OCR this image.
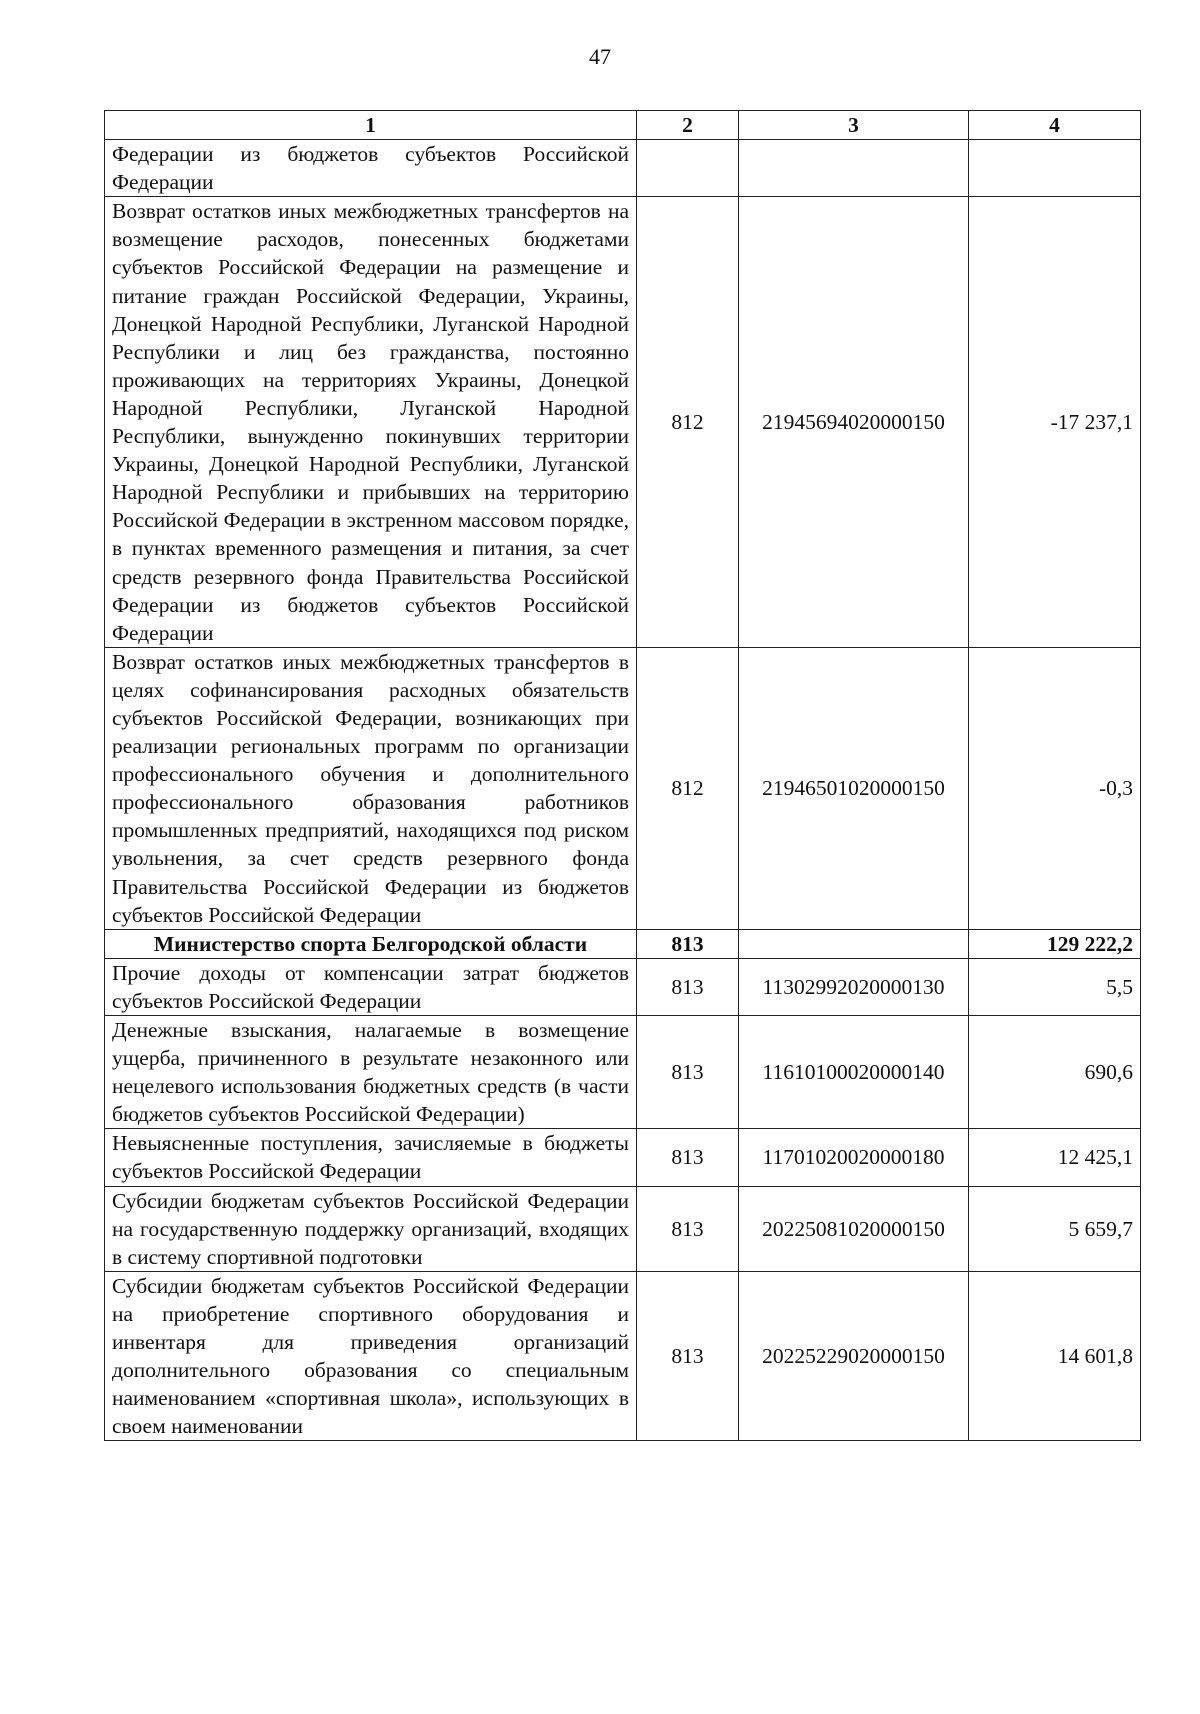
47
1	2	3	4
Федерации из бюджетов субъектов Российской Федерации			
Возврат остатков иных межбюджетных трансфертов на возмещение расходов, понесенных бюджетами субъектов Российской Федерации на размещение и питание граждан Российской Федерации, Украины, Донецкой Народной Республики, Луганской Народной Республики и лиц без гражданства, постоянно проживающих на территориях Украины, Донецкой Народной Республики, Луганской Народной Республики, вынужденно покинувших территории Украины, Донецкой Народной Республики, Луганской Народной Республики и прибывших на территорию Российской Федерации в экстренном массовом порядке, в пунктах временного размещения и питания, за счет средств резервного фонда Правительства Российской Федерации из бюджетов субъектов Российской Федерации	812	21945694020000150	-17 237,1
Возврат остатков иных межбюджетных трансфертов в целях софинансирования расходных обязательств субъектов Российской Федерации, возникающих при реализации региональных программ по организации профессионального обучения и дополнительного профессионального образования работников промышленных предприятий, находящихся под риском увольнения, за счет средств резервного фонда Правительства Российской Федерации из бюджетов субъектов Российской Федерации	812	21946501020000150	-0,3
Министерство спорта Белгородской области	813		129 222,2
Прочие доходы от компенсации затрат бюджетов субъектов Российской Федерации	813	11302992020000130	5,5
Денежные взыскания, налагаемые в возмещение ущерба, причиненного в результате незаконного или нецелевого использования бюджетных средств (в части бюджетов субъектов Российской Федерации)	813	11610100020000140	690,6
Невыясненные поступления, зачисляемые в бюджеты субъектов Российской Федерации	813	11701020020000180	12 425,1
Субсидии бюджетам субъектов Российской Федерации на государственную поддержку организаций, входящих в систему спортивной подготовки	813	20225081020000150	5 659,7
Субсидии бюджетам субъектов Российской Федерации на приобретение спортивного оборудования и инвентаря для приведения организаций дополнительного образования со специальным наименованием «спортивная школа», использующих в своем наименовании	813	20225229020000150	14 601,8
